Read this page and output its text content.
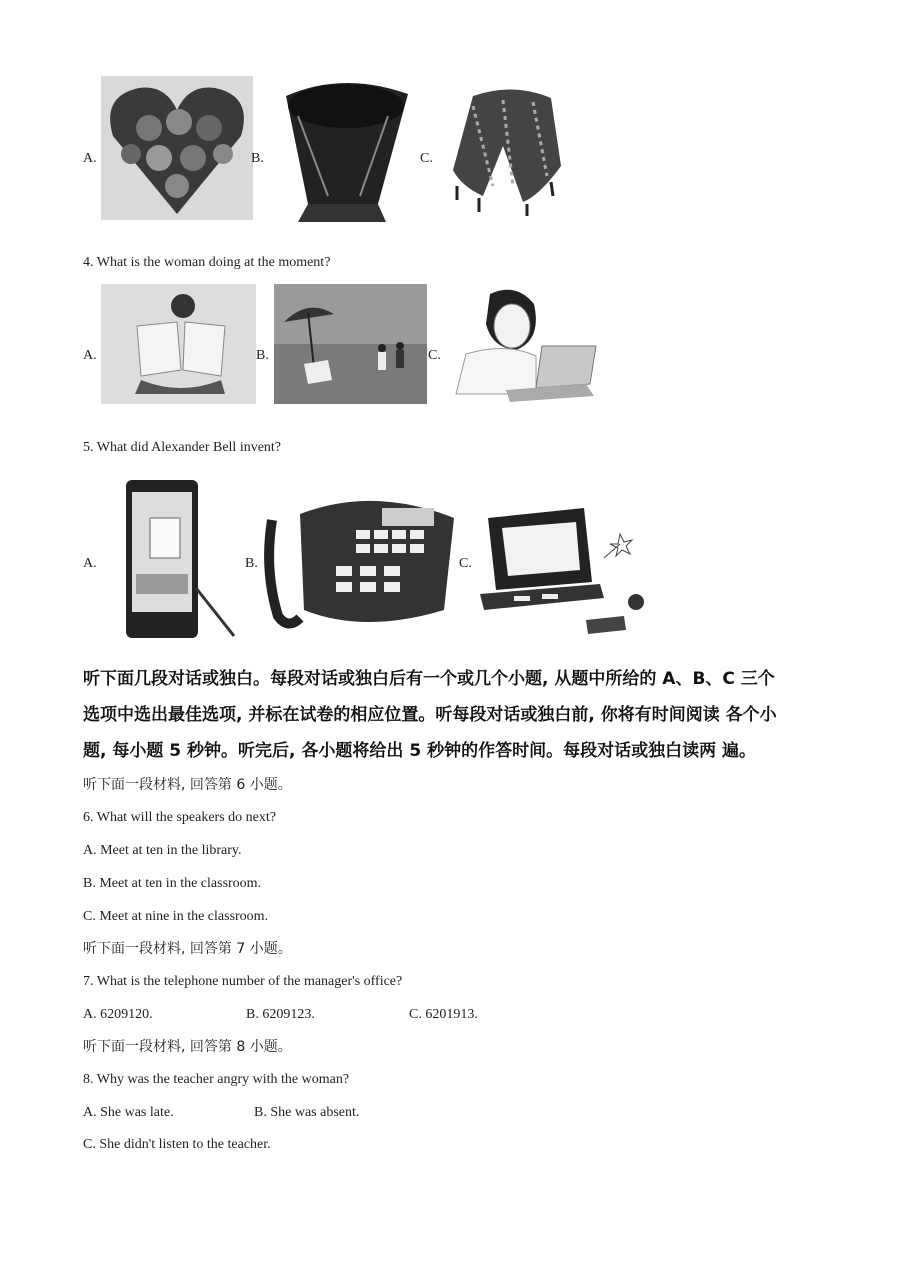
A.	B.	C.
4. What is the woman doing at the moment?
A.	B.	C.
5. What did Alexander Bell invent?
A.	B.	C.
听下面几段对话或独白。每段对话或独白后有一个或几个小题, 从题中所给的 A、B、C 三个
选项中选出最佳选项, 并标在试卷的相应位置。听每段对话或独白前, 你将有时间阅读 各个小
题, 每小题 5 秒钟。听完后, 各小题将给出 5 秒钟的作答时间。每段对话或独白读两 遍。
听下面一段材料, 回答第 6 小题。
6. What will the speakers do next?
A. Meet at ten in the library.
B. Meet at ten in the classroom.
C. Meet at nine in the classroom.
听下面一段材料, 回答第 7 小题。
7. What is the telephone number of the manager's office?
A. 6209120.	B. 6209123.	C. 6201913.
听下面一段材料, 回答第 8 小题。
8. Why was the teacher angry with the woman?
A. She was late.	B. She was absent.
C. She didn't listen to the teacher.
